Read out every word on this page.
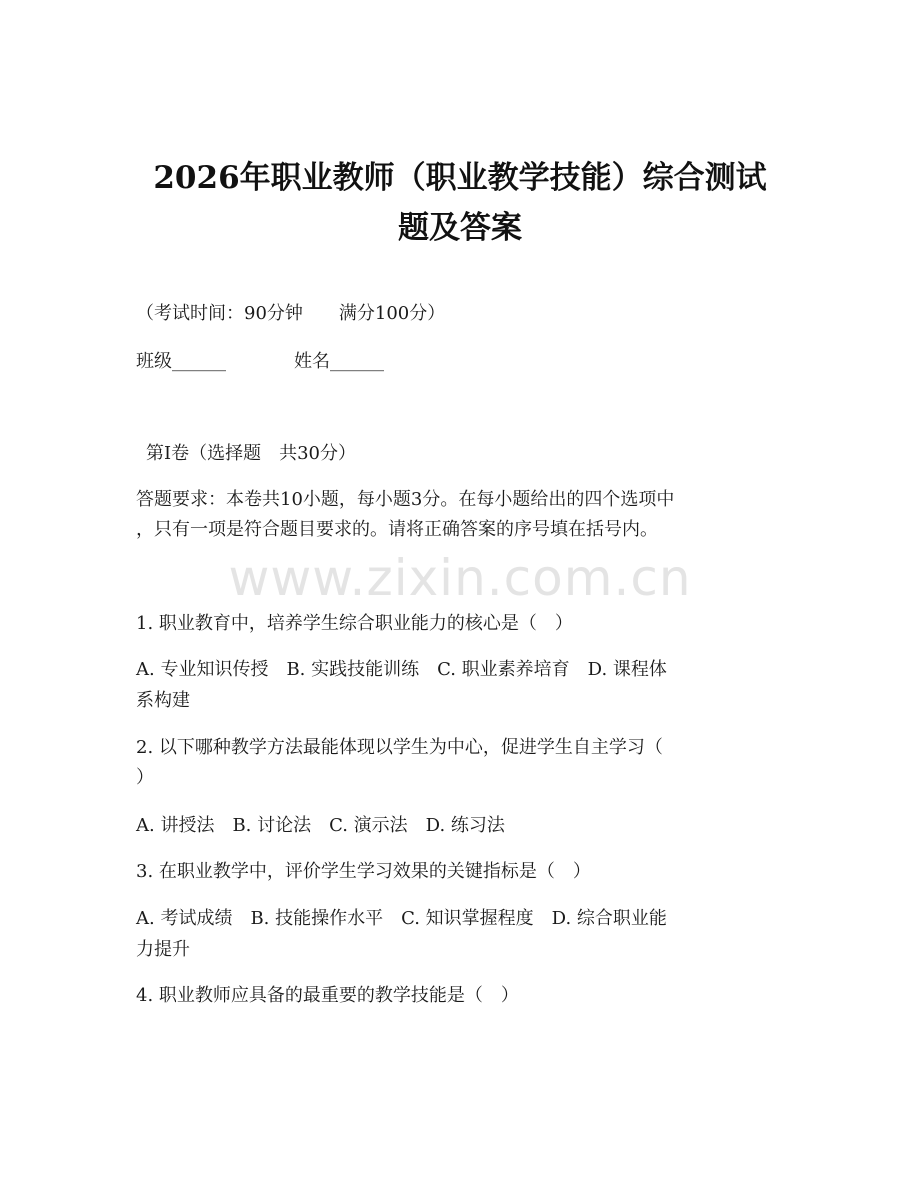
2026年职业教师（职业教学技能）综合测试
题及答案
（考试时间：90分钟　　满分100分）
班级______	姓名______
第Ⅰ卷（选择题　共30分）
答题要求：本卷共10小题，每小题3分。在每小题给出的四个选项中
，只有一项是符合题目要求的。请将正确答案的序号填在括号内。
www.zixin.com.cn
1. 职业教育中，培养学生综合职业能力的核心是（　）
A. 专业知识传授　B. 实践技能训练　C. 职业素养培育　D. 课程体
系构建
2. 以下哪种教学方法最能体现以学生为中心，促进学生自主学习（
）
A. 讲授法　B. 讨论法　C. 演示法　D. 练习法
3. 在职业教学中，评价学生学习效果的关键指标是（　）
A. 考试成绩　B. 技能操作水平　C. 知识掌握程度　D. 综合职业能
力提升
4. 职业教师应具备的最重要的教学技能是（　）
